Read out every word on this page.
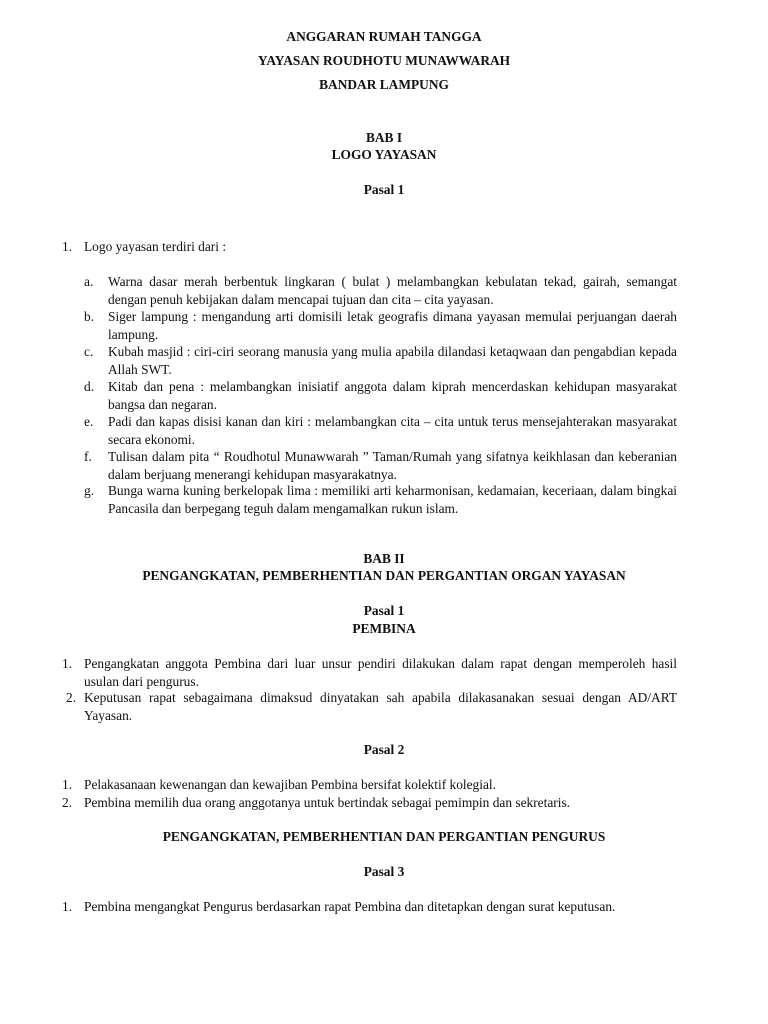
ANGGARAN RUMAH TANGGA
YAYASAN ROUDHOTU MUNAWWARAH
BANDAR LAMPUNG
BAB I
LOGO YAYASAN
Pasal 1
1. Logo yayasan terdiri dari :
a. Warna dasar merah berbentuk lingkaran ( bulat ) melambangkan kebulatan tekad, gairah, semangat dengan penuh kebijakan dalam mencapai tujuan dan cita – cita yayasan.
b. Siger lampung : mengandung arti domisili letak geografis dimana yayasan memulai perjuangan daerah lampung.
c. Kubah masjid : ciri-ciri seorang manusia yang mulia apabila dilandasi ketaqwaan dan pengabdian kepada Allah SWT.
d. Kitab dan pena : melambangkan inisiatif anggota dalam kiprah mencerdaskan kehidupan masyarakat bangsa dan negaran.
e. Padi dan kapas disisi kanan dan kiri : melambangkan cita – cita untuk terus mensejahterakan masyarakat secara ekonomi.
f. Tulisan dalam pita “ Roudhotul Munawwarah ” Taman/Rumah yang sifatnya keikhlasan dan keberanian dalam berjuang menerangi kehidupan masyarakatnya.
g. Bunga warna kuning berkelopak lima : memiliki arti keharmonisan, kedamaian, keceriaan, dalam bingkai Pancasila dan berpegang teguh dalam mengamalkan rukun islam.
BAB II
PENGANGKATAN, PEMBERHENTIAN DAN PERGANTIAN ORGAN YAYASAN
Pasal 1
PEMBINA
1. Pengangkatan anggota Pembina dari luar unsur pendiri dilakukan dalam rapat dengan memperoleh hasil usulan dari pengurus.
2. Keputusan rapat sebagaimana dimaksud dinyatakan sah apabila dilakasanakan sesuai dengan AD/ART Yayasan.
Pasal 2
1. Pelakasanaan kewenangan dan kewajiban Pembina bersifat kolektif kolegial.
2. Pembina memilih dua orang anggotanya untuk bertindak sebagai pemimpin dan sekretaris.
PENGANGKATAN, PEMBERHENTIAN DAN PERGANTIAN PENGURUS
Pasal 3
1. Pembina mengangkat Pengurus berdasarkan rapat Pembina dan ditetapkan dengan surat keputusan.
